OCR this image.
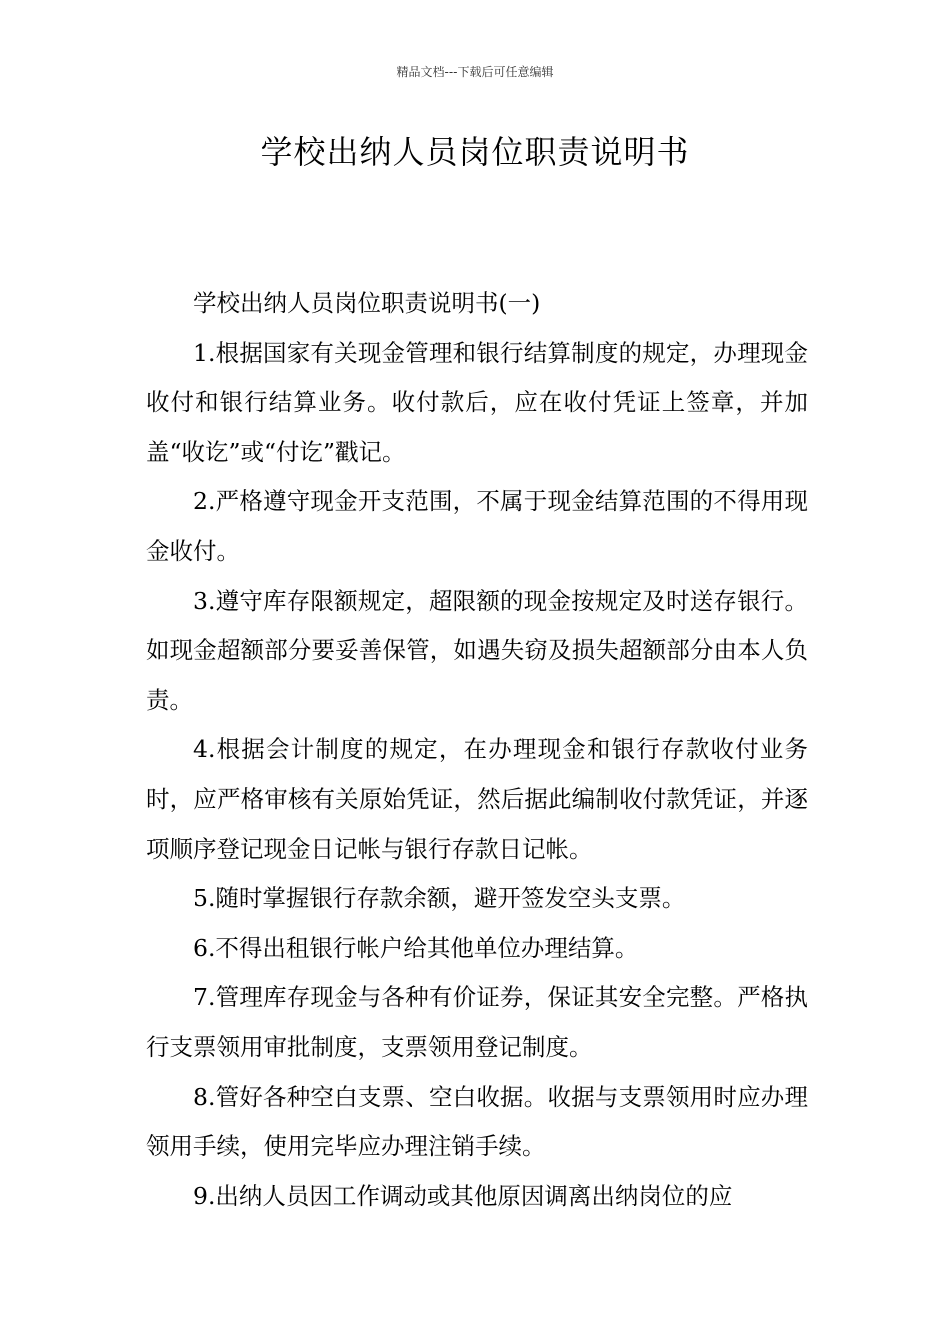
精品文档---下载后可任意编辑
学校出纳人员岗位职责说明书

学校出纳人员岗位职责说明书(一)

1.根据国家有关现金管理和银行结算制度的规定，办理现金收付和银行结算业务。收付款后，应在收付凭证上签章，并加盖“收讫”或“付讫”戳记。

2.严格遵守现金开支范围，不属于现金结算范围的不得用现金收付。

3.遵守库存限额规定，超限额的现金按规定及时送存银行。如现金超额部分要妥善保管，如遇失窃及损失超额部分由本人负责。

4.根据会计制度的规定，在办理现金和银行存款收付业务时，应严格审核有关原始凭证，然后据此编制收付款凭证，并逐项顺序登记现金日记帐与银行存款日记帐。

5.随时掌握银行存款余额，避开签发空头支票。

6.不得出租银行帐户给其他单位办理结算。

7.管理库存现金与各种有价证券，保证其安全完整。严格执行支票领用审批制度，支票领用登记制度。

8.管好各种空白支票、空白收据。收据与支票领用时应办理领用手续，使用完毕应办理注销手续。

9.出纳人员因工作调动或其他原因调离出纳岗位的应
